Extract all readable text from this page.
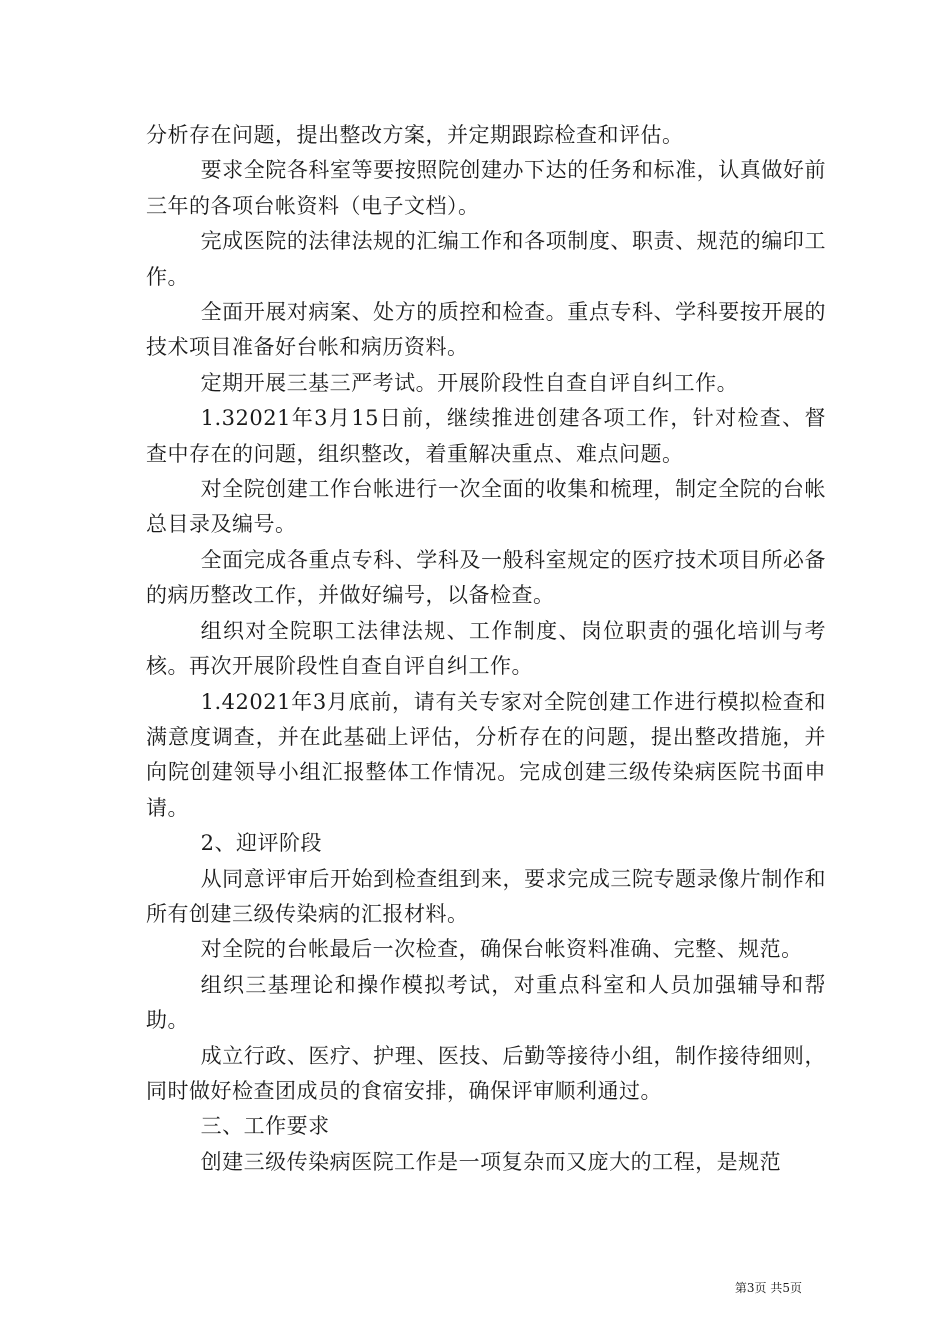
分析存在问题，提出整改方案，并定期跟踪检查和评估。

要求全院各科室等要按照院创建办下达的任务和标准，认真做好前三年的各项台帐资料（电子文档）。

完成医院的法律法规的汇编工作和各项制度、职责、规范的编印工作。

全面开展对病案、处方的质控和检查。重点专科、学科要按开展的技术项目准备好台帐和病历资料。

定期开展三基三严考试。开展阶段性自查自评自纠工作。

1.32021年3月15日前，继续推进创建各项工作，针对检查、督查中存在的问题，组织整改，着重解决重点、难点问题。

对全院创建工作台帐进行一次全面的收集和梳理，制定全院的台帐总目录及编号。

全面完成各重点专科、学科及一般科室规定的医疗技术项目所必备的病历整改工作，并做好编号，以备检查。

组织对全院职工法律法规、工作制度、岗位职责的强化培训与考核。再次开展阶段性自查自评自纠工作。

1.42021年3月底前，请有关专家对全院创建工作进行模拟检查和满意度调查，并在此基础上评估，分析存在的问题，提出整改措施，并向院创建领导小组汇报整体工作情况。完成创建三级传染病医院书面申请。

2、迎评阶段

从同意评审后开始到检查组到来，要求完成三院专题录像片制作和所有创建三级传染病的汇报材料。

对全院的台帐最后一次检查，确保台帐资料准确、完整、规范。

组织三基理论和操作模拟考试，对重点科室和人员加强辅导和帮助。

成立行政、医疗、护理、医技、后勤等接待小组，制作接待细则，同时做好检查团成员的食宿安排，确保评审顺利通过。

三、工作要求

创建三级传染病医院工作是一项复杂而又庞大的工程，是规范

第3页 共5页
